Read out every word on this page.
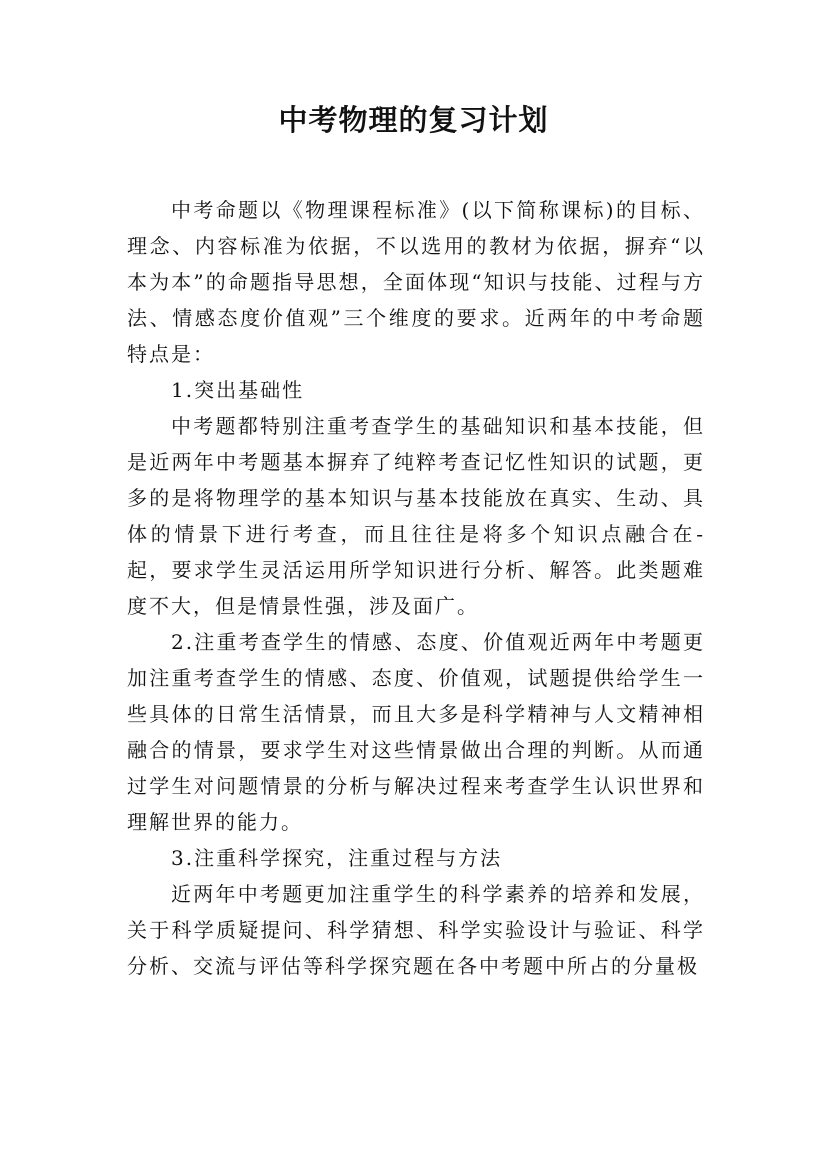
中考物理的复习计划

中考命题以《物理课程标准》(以下简称课标)的目标、理念、内容标准为依据，不以选用的教材为依据，摒弃“以本为本”的命题指导思想，全面体现“知识与技能、过程与方法、情感态度价值观”三个维度的要求。近两年的中考命题特点是：

1.突出基础性

中考题都特别注重考查学生的基础知识和基本技能，但是近两年中考题基本摒弃了纯粹考查记忆性知识的试题，更多的是将物理学的基本知识与基本技能放在真实、生动、具体的情景下进行考查，而且往往是将多个知识点融合在-起，要求学生灵活运用所学知识进行分析、解答。此类题难度不大，但是情景性强，涉及面广。

2.注重考查学生的情感、态度、价值观近两年中考题更加注重考查学生的情感、态度、价值观，试题提供给学生一些具体的日常生活情景，而且大多是科学精神与人文精神相融合的情景，要求学生对这些情景做出合理的判断。从而通过学生对问题情景的分析与解决过程来考查学生认识世界和理解世界的能力。

3.注重科学探究，注重过程与方法

近两年中考题更加注重学生的科学素养的培养和发展，关于科学质疑提问、科学猜想、科学实验设计与验证、科学分析、交流与评估等科学探究题在各中考题中所占的分量极
